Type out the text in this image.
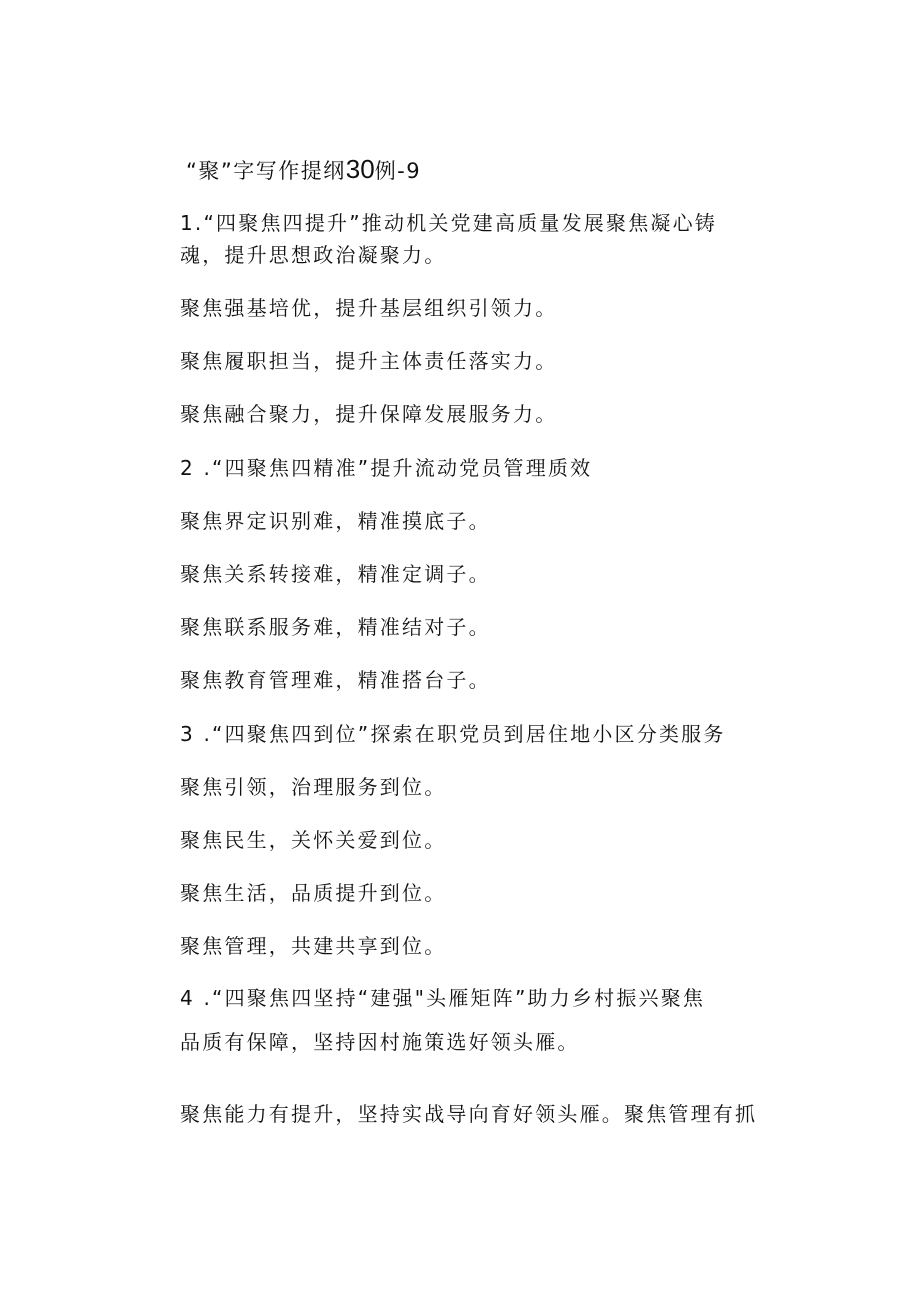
“聚”字写作提纲30例-9
1.“四聚焦四提升”推动机关党建高质量发展聚焦凝心铸
魂，提升思想政治凝聚力。
聚焦强基培优，提升基层组织引领力。
聚焦履职担当，提升主体责任落实力。
聚焦融合聚力，提升保障发展服务力。
2 .“四聚焦四精准”提升流动党员管理质效
聚焦界定识别难，精准摸底子。
聚焦关系转接难，精准定调子。
聚焦联系服务难，精准结对子。
聚焦教育管理难，精准搭台子。
3 .“四聚焦四到位”探索在职党员到居住地小区分类服务
聚焦引领，治理服务到位。
聚焦民生，关怀关爱到位。
聚焦生活，品质提升到位。
聚焦管理，共建共享到位。
4 .“四聚焦四坚持“建强"头雁矩阵”助力乡村振兴聚焦
品质有保障，坚持因村施策选好领头雁。
聚焦能力有提升，坚持实战导向育好领头雁。聚焦管理有抓
